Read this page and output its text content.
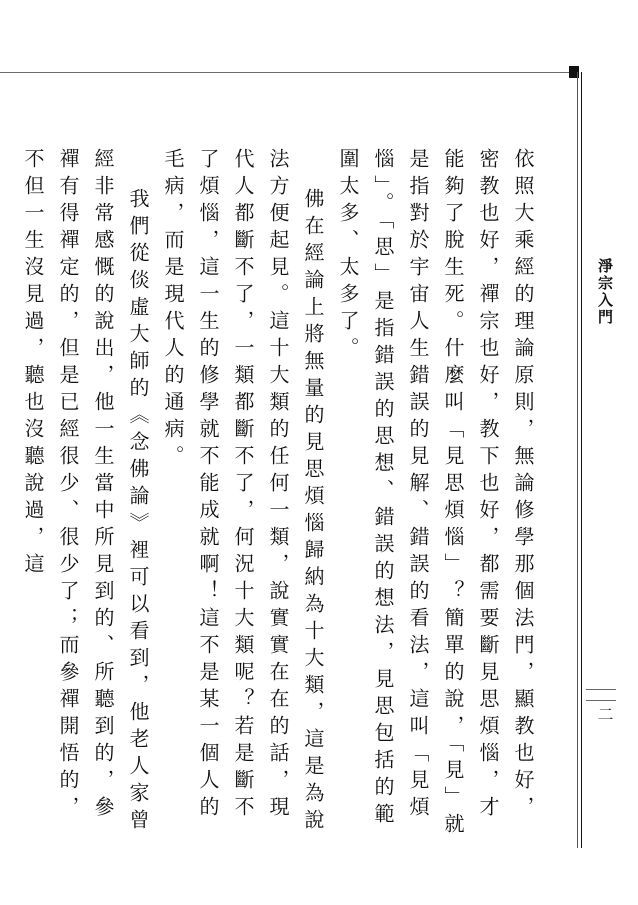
淨宗入門
二

依照大乘經的理論原則，無論修學那個法門，顯教也好，密教也好，禪宗也好，教下也好，都需要斷見思煩惱，才能夠了脫生死。什麼叫「見思煩惱」？簡單的說，「見」就是指對於宇宙人生錯誤的見解、錯誤的看法，這叫「見煩惱」。「思」是指錯誤的思想、錯誤的想法，見思包括的範圍太多、太多了。

佛在經論上將無量的見思煩惱歸納為十大類，這是為說法方便起見。這十大類的任何一類，說實實在在的話，現代人都斷不了，一類都斷不了，何況十大類呢？若是斷不了煩惱，這一生的修學就不能成就啊！這不是某一個人的毛病，而是現代人的通病。

我們從倓虛大師的《念佛論》裡可以看到，他老人家曾經非常感慨的說出，他一生當中所見到的、所聽到的，參禪有得禪定的，但是已經很少、很少了；而參禪開悟的，不但一生沒見過，聽也沒聽說過，這
